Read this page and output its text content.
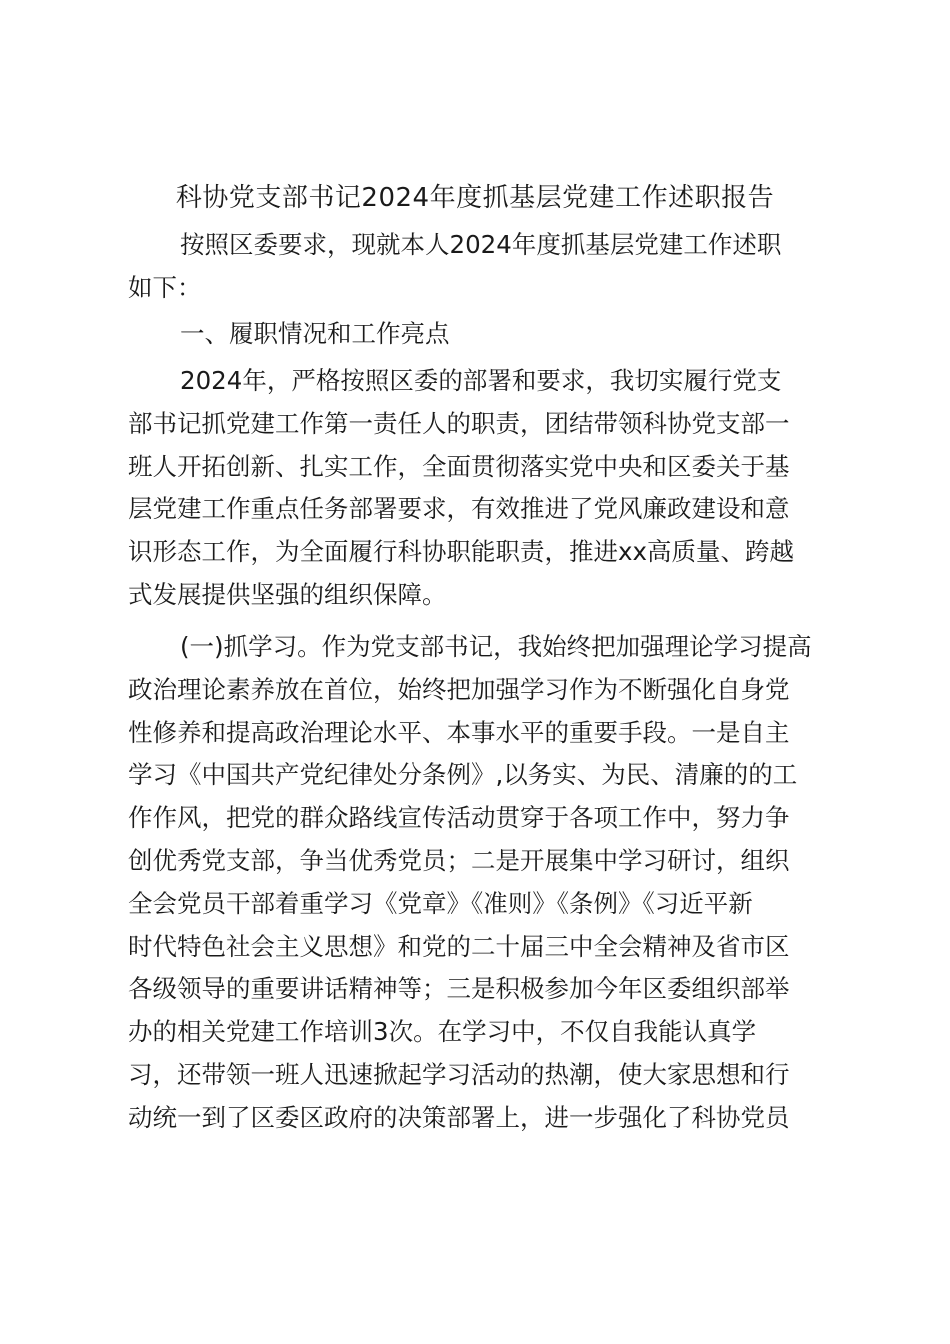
科协党支部书记2024年度抓基层党建工作述职报告
按照区委要求，现就本人2024年度抓基层党建工作述职
如下：
一、履职情况和工作亮点
2024年，严格按照区委的部署和要求，我切实履行党支
部书记抓党建工作第一责任人的职责，团结带领科协党支部一
班人开拓创新、扎实工作，全面贯彻落实党中央和区委关于基
层党建工作重点任务部署要求，有效推进了党风廉政建设和意
识形态工作，为全面履行科协职能职责，推进xx高质量、跨越
式发展提供坚强的组织保障。
(一)抓学习。作为党支部书记，我始终把加强理论学习提高
政治理论素养放在首位，始终把加强学习作为不断强化自身党
性修养和提高政治理论水平、本事水平的重要手段。一是自主
学习《中国共产党纪律处分条例》,以务实、为民、清廉的的工
作作风，把党的群众路线宣传活动贯穿于各项工作中，努力争
创优秀党支部，争当优秀党员；二是开展集中学习研讨，组织
全会党员干部着重学习《党章》《准则》《条例》《习近平新
时代特色社会主义思想》和党的二十届三中全会精神及省市区
各级领导的重要讲话精神等；三是积极参加今年区委组织部举
办的相关党建工作培训3次。在学习中，不仅自我能认真学
习，还带领一班人迅速掀起学习活动的热潮，使大家思想和行
动统一到了区委区政府的决策部署上，进一步强化了科协党员
